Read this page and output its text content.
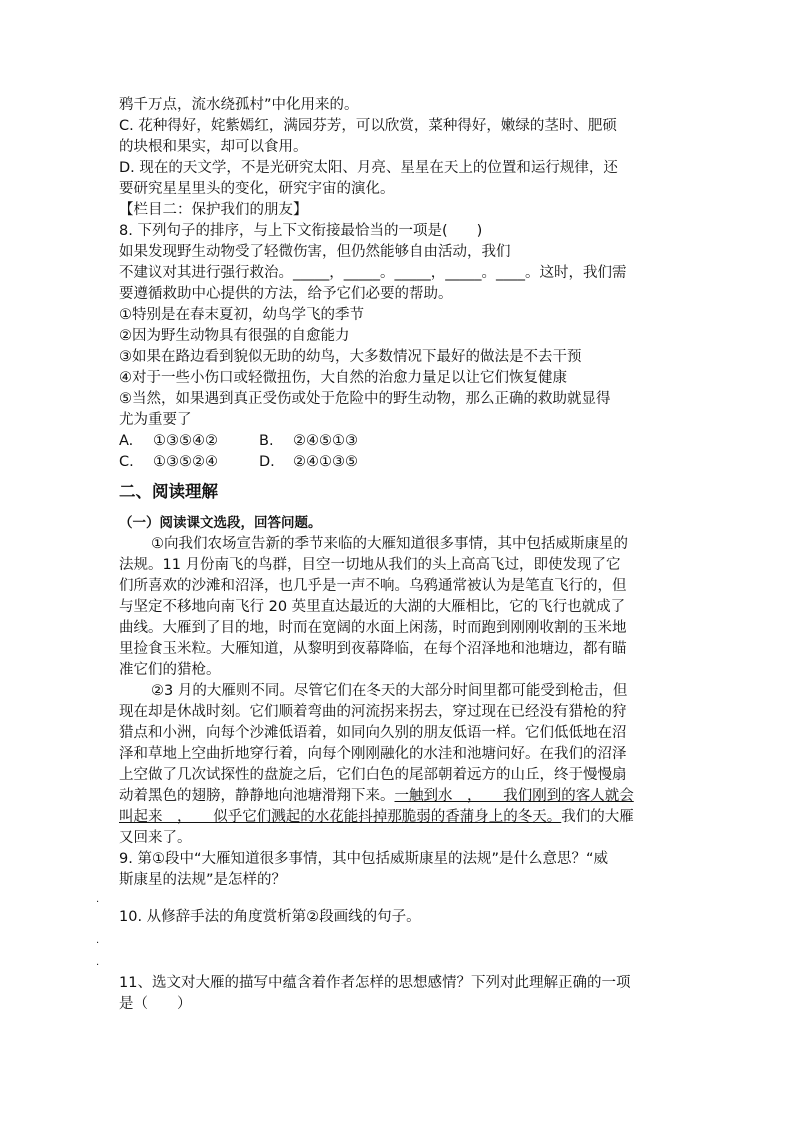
鸦千万点，流水绕孤村”中化用来的。
C. 花种得好，姹紫嫣红，满园芬芳，可以欣赏，菜种得好，嫩绿的茎时、肥硕
的块根和果实，却可以食用。
D. 现在的天文学，不是光研究太阳、月亮、星星在天上的位置和运行规律，还
要研究星星里头的变化，研究宇宙的演化。
【栏目二：保护我们的朋友】
8. 下列句子的排序，与上下文衔接最恰当的一项是(　　)
如果发现野生动物受了轻微伤害，但仍然能够自由活动，我们
不建议对其进行强行救治。_____，_____。_____，_____。____。这时，我们需
要遵循救助中心提供的方法，给予它们必要的帮助。
①特别是在春末夏初，幼鸟学飞的季节
②因为野生动物具有很强的自愈能力
③如果在路边看到貌似无助的幼鸟，大多数情况下最好的做法是不去干预
④对于一些小伤口或轻微扭伤，大自然的治愈力量足以让它们恢复健康
⑤当然，如果遇到真正受伤或处于危险中的野生动物，那么正确的救助就显得
尤为重要了
A. ①③⑤④②	B. ②④⑤①③
C. ①③⑤②④	D. ②④①③⑤
二、阅读理解
（一）阅读课文选段，回答问题。
①向我们农场宣告新的季节来临的大雁知道很多事情，其中包括威斯康星的
法规。11 月份南飞的鸟群，目空一切地从我们的头上高高飞过，即使发现了它
们所喜欢的沙滩和沼泽，也几乎是一声不响。乌鸦通常被认为是笔直飞行的，但
与坚定不移地向南飞行 20 英里直达最近的大湖的大雁相比，它的飞行也就成了
曲线。大雁到了目的地，时而在宽阔的水面上闲荡，时而跑到刚刚收割的玉米地
里捡食玉米粒。大雁知道，从黎明到夜幕降临，在每个沼泽地和池塘边，都有瞄
准它们的猎枪。
②3 月的大雁则不同。尽管它们在冬天的大部分时间里都可能受到枪击，但
现在却是休战时刻。它们顺着弯曲的河流拐来拐去，穿过现在已经没有猎枪的狩
猎点和小洲，向每个沙滩低语着，如同向久别的朋友低语一样。它们低低地在沼
泽和草地上空曲折地穿行着，向每个刚刚融化的水洼和池塘问好。在我们的沼泽
上空做了几次试探性的盘旋之后，它们白色的尾部朝着远方的山丘，终于慢慢扇
动着黑色的翅膀，静静地向池塘滑翔下来。一触到水　，　　我们刚到的客人就会
叫起来　，　　似乎它们溅起的水花能抖掉那脆弱的香蒲身上的冬天。我们的大雁
又回来了。
9. 第①段中“大雁知道很多事情，其中包括威斯康星的法规”是什么意思？“威
斯康星的法规”是怎样的？
.
10. 从修辞手法的角度赏析第②段画线的句子。
.
.
11、选文对大雁的描写中蕴含着作者怎样的思想感情？下列对此理解正确的一项
是（　　）
